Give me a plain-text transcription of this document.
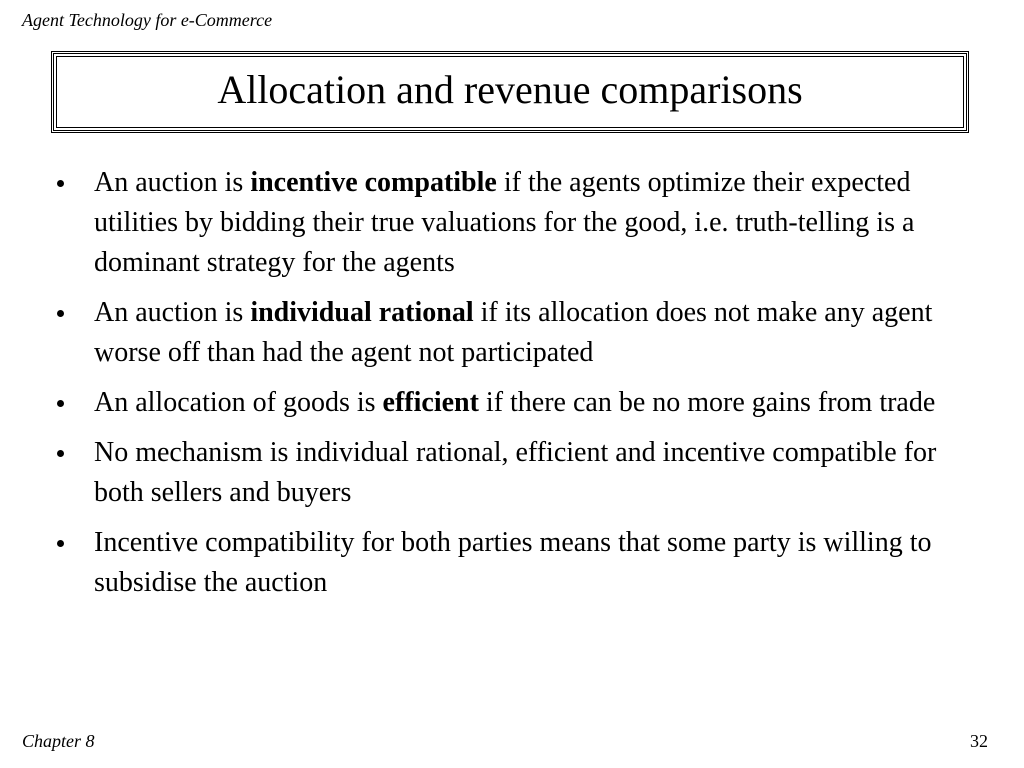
Agent Technology for e-Commerce
Allocation and revenue comparisons
An auction is incentive compatible if the agents optimize their expected utilities by bidding their true valuations for the good, i.e. truth-telling is a dominant strategy for the agents
An auction is individual rational if its allocation does not make any agent worse off than had the agent not participated
An allocation of goods is efficient if there can be no more gains from trade
No mechanism is individual rational, efficient and incentive compatible for both sellers and buyers
Incentive compatibility for both parties means that some party is willing to subsidise the auction
Chapter 8	32
